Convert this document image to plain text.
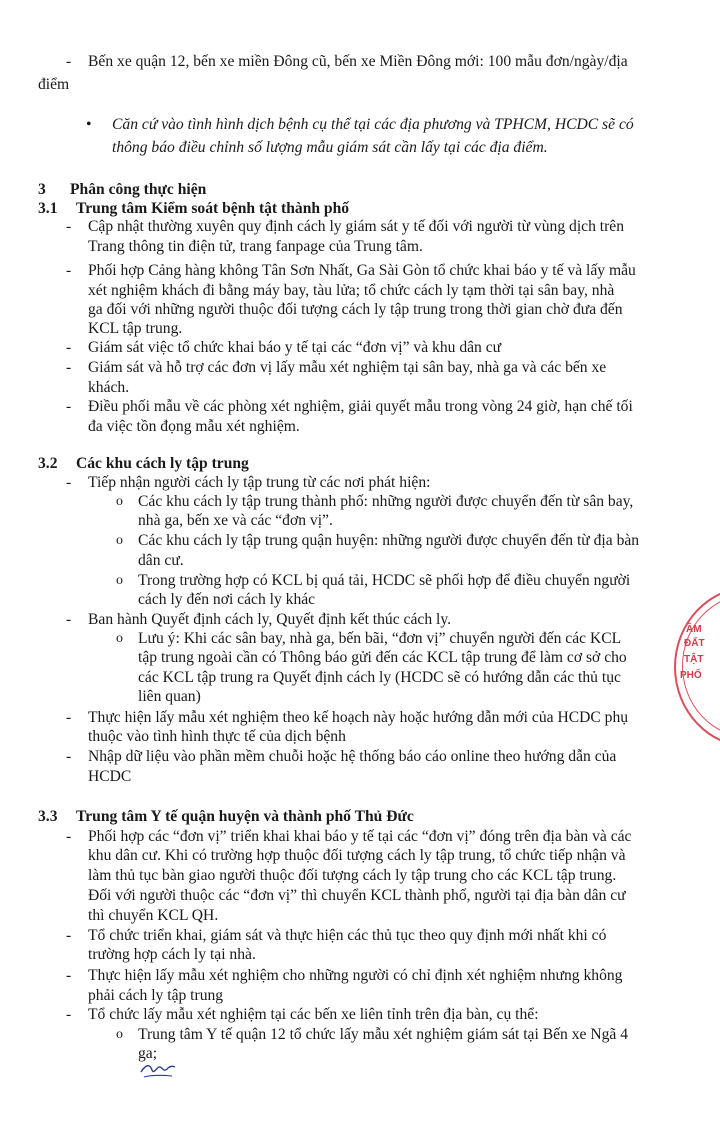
- Bến xe quận 12, bến xe miền Đông cũ, bến xe Miền Đông mới: 100 mẫu đơn/ngày/địa
điểm
• Căn cứ vào tình hình dịch bệnh cụ thể tại các địa phương và TPHCM, HCDC sẽ có
thông báo điều chỉnh số lượng mẫu giám sát cần lấy tại các địa điểm.
3 Phân công thực hiện
3.1 Trung tâm Kiểm soát bệnh tật thành phố
- Cập nhật thường xuyên quy định cách ly giám sát y tế đối với người từ vùng dịch trên
Trang thông tin điện tử, trang fanpage của Trung tâm.
- Phối hợp Cảng hàng không Tân Sơn Nhất, Ga Sài Gòn tổ chức khai báo y tế và lấy mẫu
xét nghiệm khách đi bằng máy bay, tàu lửa; tổ chức cách ly tạm thời tại sân bay, nhà
ga đối với những người thuộc đối tượng cách ly tập trung trong thời gian chờ đưa đến
KCL tập trung.
- Giám sát việc tổ chức khai báo y tế tại các “đơn vị” và khu dân cư
- Giám sát và hỗ trợ các đơn vị lấy mẫu xét nghiệm tại sân bay, nhà ga và các bến xe
khách.
- Điều phối mẫu về các phòng xét nghiệm, giải quyết mẫu trong vòng 24 giờ, hạn chế tối
đa việc tồn đọng mẫu xét nghiệm.
3.2 Các khu cách ly tập trung
- Tiếp nhận người cách ly tập trung từ các nơi phát hiện:
o Các khu cách ly tập trung thành phố: những người được chuyển đến từ sân bay,
nhà ga, bến xe và các “đơn vị”.
o Các khu cách ly tập trung quận huyện: những người được chuyển đến từ địa bàn
dân cư.
o Trong trường hợp có KCL bị quá tải, HCDC sẽ phối hợp để điều chuyển người
cách ly đến nơi cách ly khác
- Ban hành Quyết định cách ly, Quyết định kết thúc cách ly.
o Lưu ý: Khi các sân bay, nhà ga, bến bãi, “đơn vị” chuyển người đến các KCL
tập trung ngoài cần có Thông báo gửi đến các KCL tập trung để làm cơ sở cho
các KCL tập trung ra Quyết định cách ly (HCDC sẽ có hướng dẫn các thủ tục
liên quan)
- Thực hiện lấy mẫu xét nghiệm theo kế hoạch này hoặc hướng dẫn mới của HCDC phụ
thuộc vào tình hình thực tế của dịch bệnh
- Nhập dữ liệu vào phần mềm chuỗi hoặc hệ thống báo cáo online theo hướng dẫn của
HCDC
3.3 Trung tâm Y tế quận huyện và thành phố Thủ Đức
- Phối hợp các “đơn vị” triển khai khai báo y tế tại các “đơn vị” đóng trên địa bàn và các
khu dân cư. Khi có trường hợp thuộc đối tượng cách ly tập trung, tổ chức tiếp nhận và
làm thủ tục bàn giao người thuộc đối tượng cách ly tập trung cho các KCL tập trung.
Đối với người thuộc các “đơn vị” thì chuyển KCL thành phố, người tại địa bàn dân cư
thì chuyển KCL QH.
- Tổ chức triển khai, giám sát và thực hiện các thủ tục theo quy định mới nhất khi có
trường hợp cách ly tại nhà.
- Thực hiện lấy mẫu xét nghiệm cho những người có chỉ định xét nghiệm nhưng không
phải cách ly tập trung
- Tổ chức lấy mẫu xét nghiệm tại các bến xe liên tỉnh trên địa bàn, cụ thể:
o Trung tâm Y tế quận 12 tổ chức lấy mẫu xét nghiệm giám sát tại Bến xe Ngã 4
ga;
ÂM
ĐẤT
TẬT
PHỐ
